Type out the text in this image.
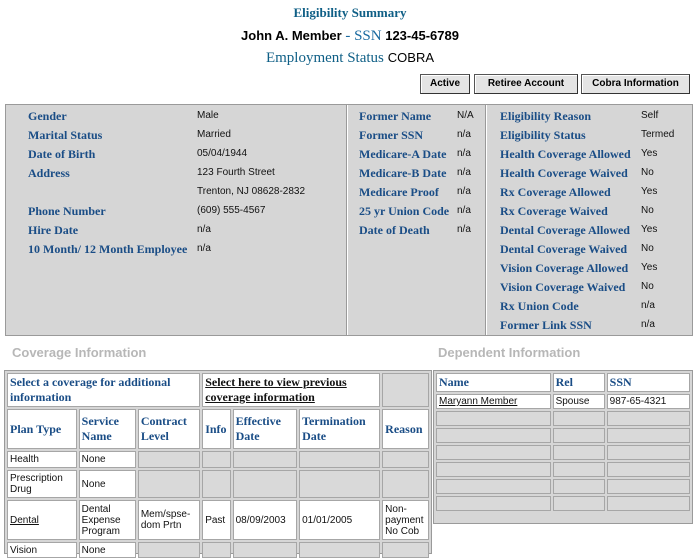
Eligibility Summary
John A. Member - SSN 123-45-6789
Employment Status COBRA
Active	Retiree Account	Cobra Information
Gender	Male
Marital Status	Married
Date of Birth	05/04/1944
Address	123 Fourth Street
Trenton, NJ 08628-2832
Phone Number	(609) 555-4567
Hire Date	n/a
10 Month/ 12 Month Employee n/a
Former Name	N/A
Former SSN	n/a
Medicare-A Date n/a
Medicare-B Date n/a
Medicare Proof n/a
25 yr Union Code n/a
Date of Death	n/a
Eligibility Reason	Self
Eligibility Status	Termed
Health Coverage Allowed Yes
Health Coverage Waived No
Rx Coverage Allowed	Yes
Rx Coverage Waived	No
Dental Coverage Allowed Yes
Dental Coverage Waived No
Vision Coverage Allowed Yes
Vision Coverage Waived No
Rx Union Code	n/a
Former Link SSN	n/a
Coverage Information	Dependent Information
Select a coverage for additional information			Select here to view previous coverage information			
Plan Type	Service Name	Contract Level	Info	Effective Date	Termination Date	Reason
Health	None					
Prescription Drug	None					
Dental	Dental Expense Program	Mem/spse-dom Prtn	Past	08/09/2003	01/01/2005	Non-payment No Cob
Vision	None					
Name	Rel	SSN
Maryann Member	Spouse	987-65-4321
